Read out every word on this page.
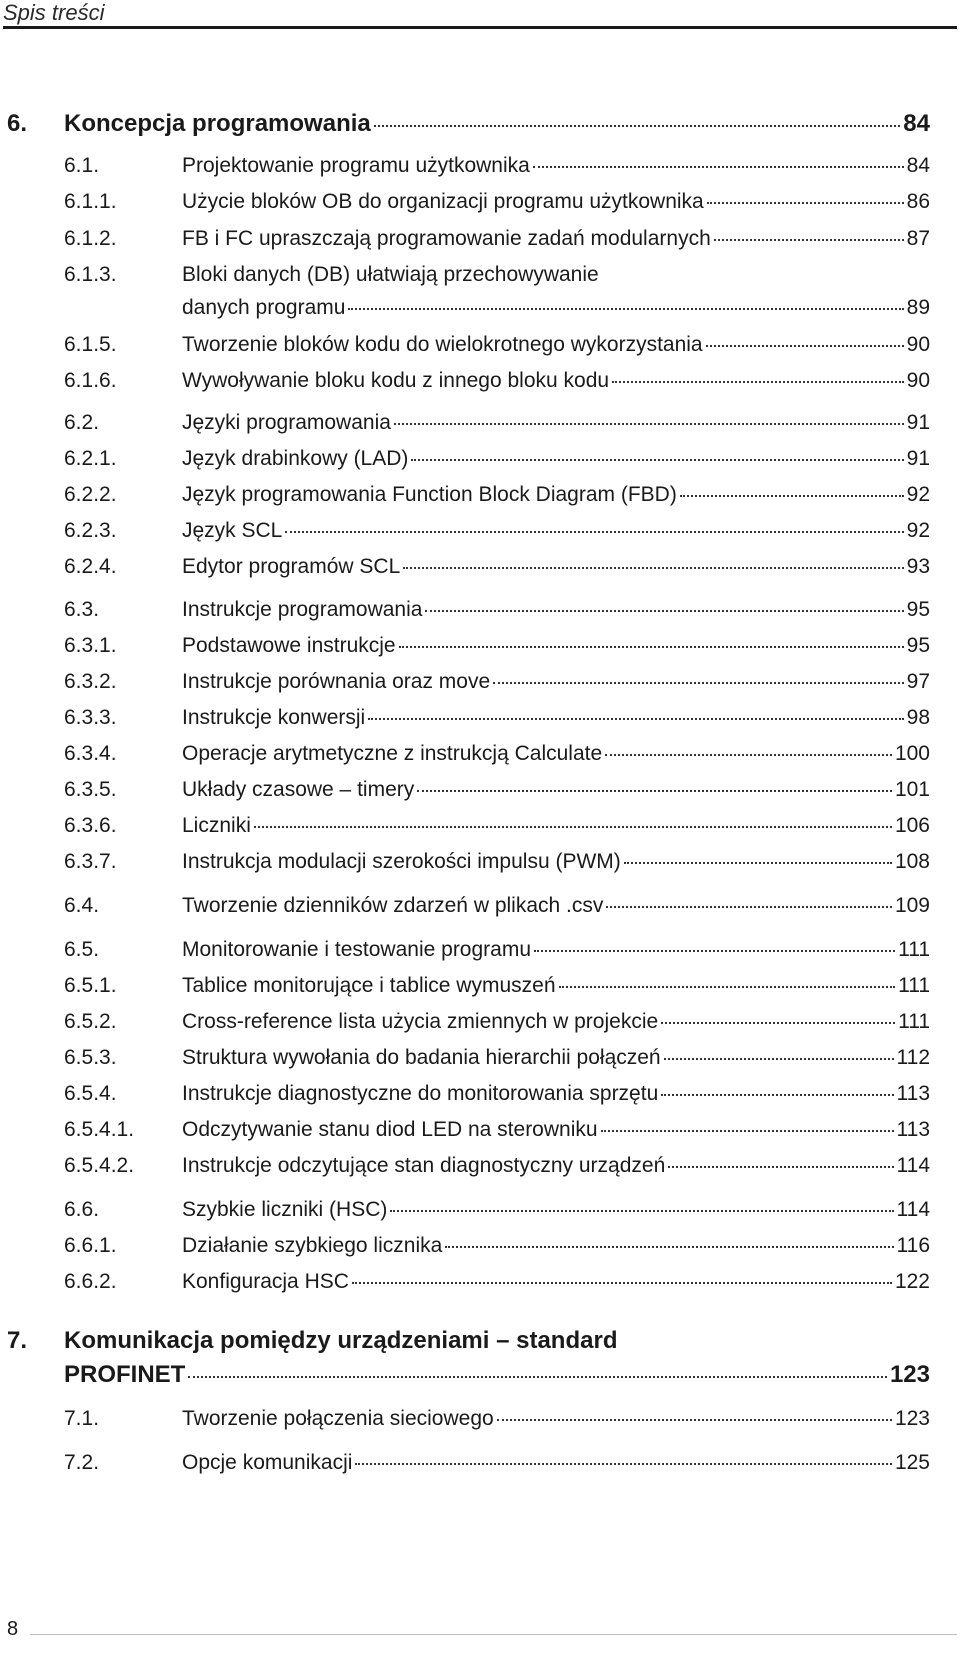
Spis treści
6. Koncepcja programowania	84
6.1.	Projektowanie programu użytkownika	84
6.1.1.	Użycie bloków OB do organizacji programu użytkownika	86
6.1.2.	FB i FC upraszczają programowanie zadań modularnych	87
6.1.3.	Bloki danych (DB) ułatwiają przechowywanie
danych programu	89
6.1.5.	Tworzenie bloków kodu do wielokrotnego wykorzystania	90
6.1.6.	Wywoływanie bloku kodu z innego bloku kodu	90
6.2.	Języki programowania	91
6.2.1.	Język drabinkowy (LAD)	91
6.2.2.	Język programowania Function Block Diagram (FBD)	92
6.2.3.	Język SCL	92
6.2.4.	Edytor programów SCL	93
6.3.	Instrukcje programowania	95
6.3.1.	Podstawowe instrukcje	95
6.3.2.	Instrukcje porównania oraz move	97
6.3.3.	Instrukcje konwersji	98
6.3.4.	Operacje arytmetyczne z instrukcją Calculate	100
6.3.5.	Układy czasowe – timery	101
6.3.6.	Liczniki	106
6.3.7.	Instrukcja modulacji szerokości impulsu (PWM)	108
6.4.	Tworzenie dzienników zdarzeń w plikach .csv	109
6.5.	Monitorowanie i testowanie programu	111
6.5.1.	Tablice monitorujące i tablice wymuszeń	111
6.5.2.	Cross-reference lista użycia zmiennych w projekcie	111
6.5.3.	Struktura wywołania do badania hierarchii połączeń	112
6.5.4.	Instrukcje diagnostyczne do monitorowania sprzętu	113
6.5.4.1. Odczytywanie stanu diod LED na sterowniku	113
6.5.4.2. Instrukcje odczytujące stan diagnostyczny urządzeń	114
6.6.	Szybkie liczniki (HSC)	114
6.6.1.	Działanie szybkiego licznika	116
6.6.2.	Konfiguracja HSC	122
7. Komunikacja pomiędzy urządzeniami – standard
PROFINET	123
7.1.	Tworzenie połączenia sieciowego	123
7.2.	Opcje komunikacji	125
8
